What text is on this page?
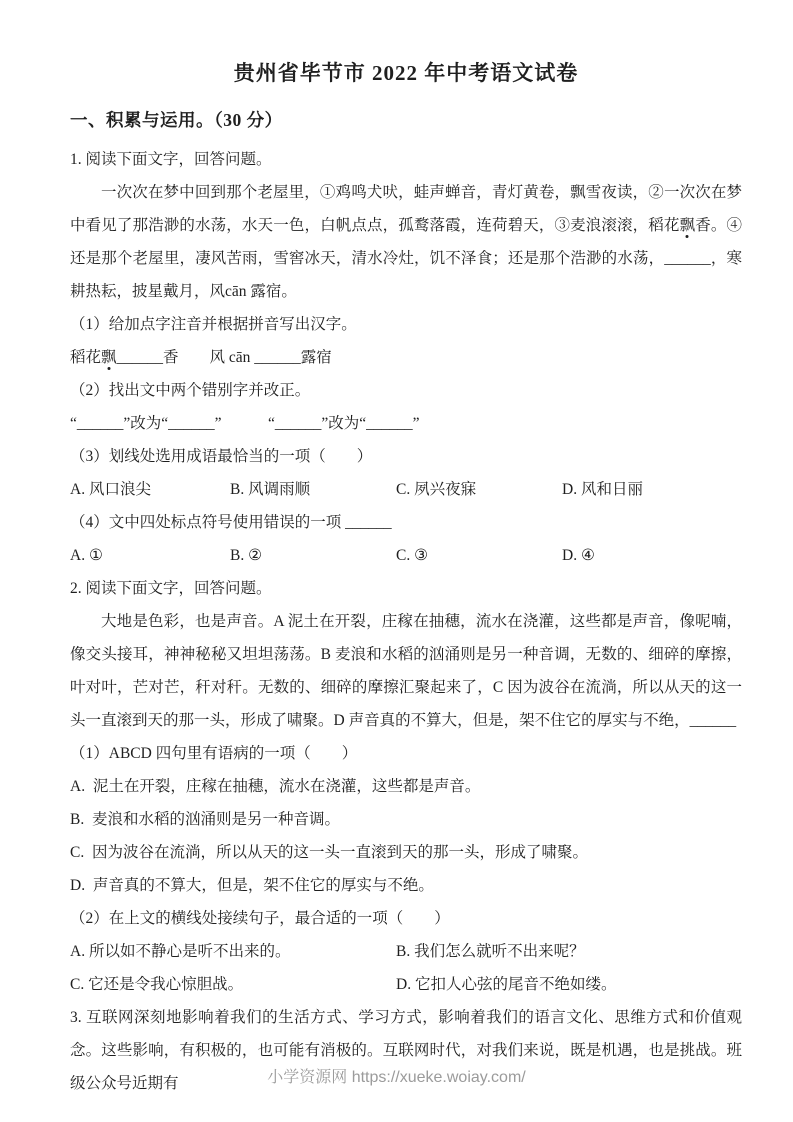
贵州省毕节市 2022 年中考语文试卷
一、积累与运用。（30 分）

1. 阅读下面文字，回答问题。

一次次在梦中回到那个老屋里，①鸡鸣犬吠，蛙声蝉音，青灯黄卷，飘雪夜读，②一次次在梦中看见了那浩渺的水荡，水天一色，白帆点点，孤鹜落霞，连荷碧天，③麦浪滚滚，稻花飘香。④还是那个老屋里，凄风苦雨，雪窖冰天，清水冷灶，饥不泽食；还是那个浩渺的水荡，______，寒耕热耘，披星戴月，风cān 露宿。

（1）给加点字注音并根据拼音写出汉字。

稻花飘______香　　风 cān ______露宿

（2）找出文中两个错别字并改正。

“______”改为“______”　　　“______”改为“______”

（3）划线处选用成语最恰当的一项（　　）

A. 风口浪尖	B. 风调雨顺	C. 夙兴夜寐	D. 风和日丽

（4）文中四处标点符号使用错误的一项 ______

A. ①	B. ②	C. ③	D. ④

2. 阅读下面文字，回答问题。

大地是色彩，也是声音。A 泥土在开裂，庄稼在抽穗，流水在浇灌，这些都是声音，像呢喃，像交头接耳，神神秘秘又坦坦荡荡。B 麦浪和水稻的汹涌则是另一种音调，无数的、细碎的摩擦，叶对叶，芒对芒，秆对秆。无数的、细碎的摩擦汇聚起来了，C 因为波谷在流淌，所以从天的这一头一直滚到天的那一头，形成了啸聚。D 声音真的不算大，但是，架不住它的厚实与不绝，______

（1）ABCD 四句里有语病的一项（　　）

A.  泥土在开裂，庄稼在抽穗，流水在浇灌，这些都是声音。

B.  麦浪和水稻的汹涌则是另一种音调。

C.  因为波谷在流淌，所以从天的这一头一直滚到天的那一头，形成了啸聚。

D.  声音真的不算大，但是，架不住它的厚实与不绝。

（2）在上文的横线处接续句子，最合适的一项（　　）

A. 所以如不静心是听不出来的。	B. 我们怎么就听不出来呢？
C. 它还是令我心惊胆战。	D. 它扣人心弦的尾音不绝如缕。

3. 互联网深刻地影响着我们的生活方式、学习方式，影响着我们的语言文化、思维方式和价值观念。这些影响，有积极的，也可能有消极的。互联网时代，对我们来说，既是机遇，也是挑战。班级公众号近期有	小学资源网 https://xueke.woiay.com/
